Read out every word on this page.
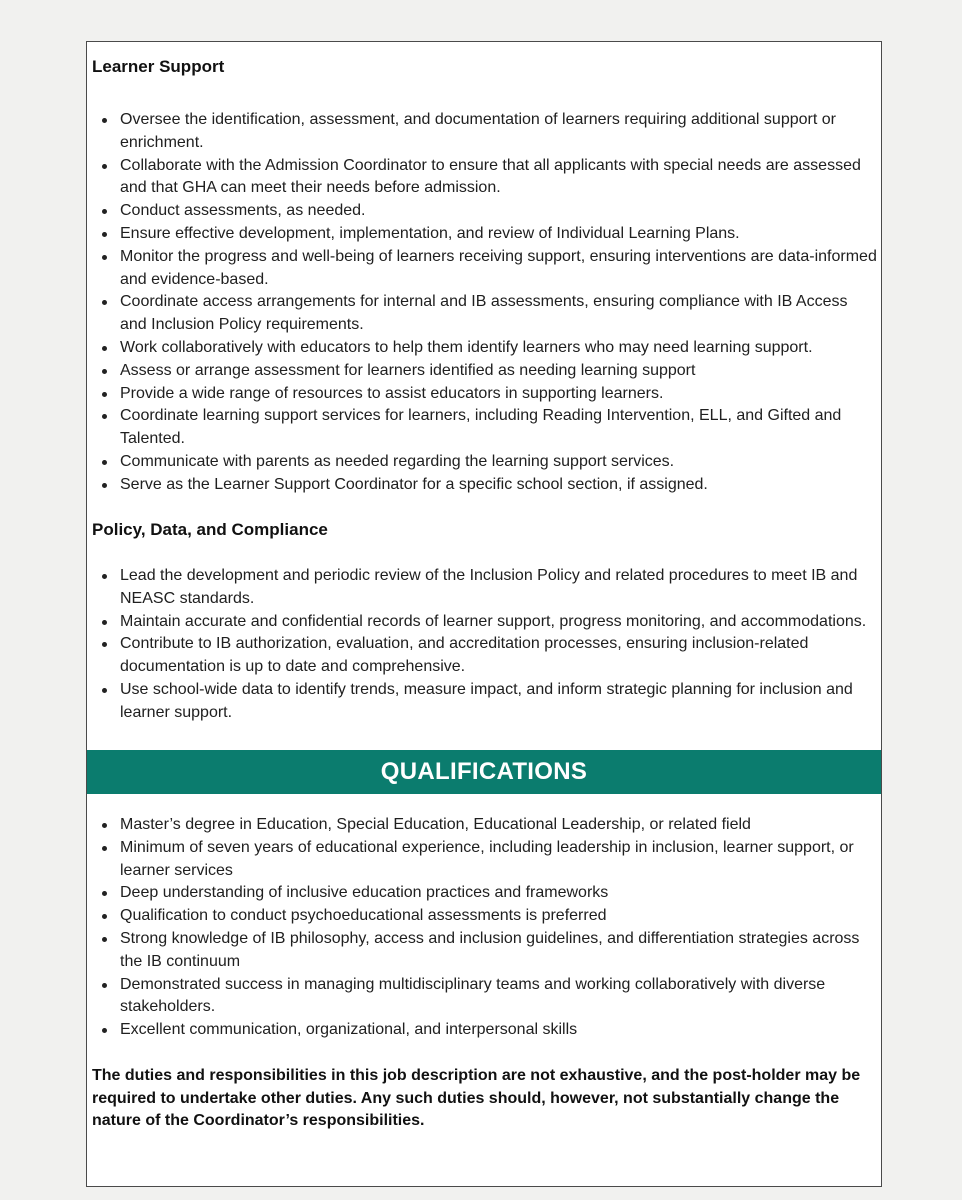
Learner Support
Oversee the identification, assessment, and documentation of learners requiring additional support or enrichment.
Collaborate with the Admission Coordinator to ensure that all applicants with special needs are assessed and that GHA can meet their needs before admission.
Conduct assessments, as needed.
Ensure effective development, implementation, and review of Individual Learning Plans.
Monitor the progress and well-being of learners receiving support, ensuring interventions are data-informed and evidence-based.
Coordinate access arrangements for internal and IB assessments, ensuring compliance with IB Access and Inclusion Policy requirements.
Work collaboratively with educators to help them identify learners who may need learning support.
Assess or arrange assessment for learners identified as needing learning support
Provide a wide range of resources to assist educators in supporting learners.
Coordinate learning support services for learners, including Reading Intervention, ELL, and Gifted and Talented.
Communicate with parents as needed regarding the learning support services.
Serve as the Learner Support Coordinator for a specific school section, if assigned.
Policy, Data, and Compliance
Lead the development and periodic review of the Inclusion Policy and related procedures to meet IB and NEASC standards.
Maintain accurate and confidential records of learner support, progress monitoring, and accommodations.
Contribute to IB authorization, evaluation, and accreditation processes, ensuring inclusion-related documentation is up to date and comprehensive.
Use school-wide data to identify trends, measure impact, and inform strategic planning for inclusion and learner support.
QUALIFICATIONS
Master’s degree in Education, Special Education, Educational Leadership, or related field
Minimum of seven years of educational experience, including leadership in inclusion, learner support, or learner services
Deep understanding of inclusive education practices and frameworks
Qualification to conduct psychoeducational assessments is preferred
Strong knowledge of IB philosophy, access and inclusion guidelines, and differentiation strategies across the IB continuum
Demonstrated success in managing multidisciplinary teams and working collaboratively with diverse stakeholders.
Excellent communication, organizational, and interpersonal skills

The duties and responsibilities in this job description are not exhaustive, and the post-holder may be required to undertake other duties. Any such duties should, however, not substantially change the nature of the Coordinator’s responsibilities.
